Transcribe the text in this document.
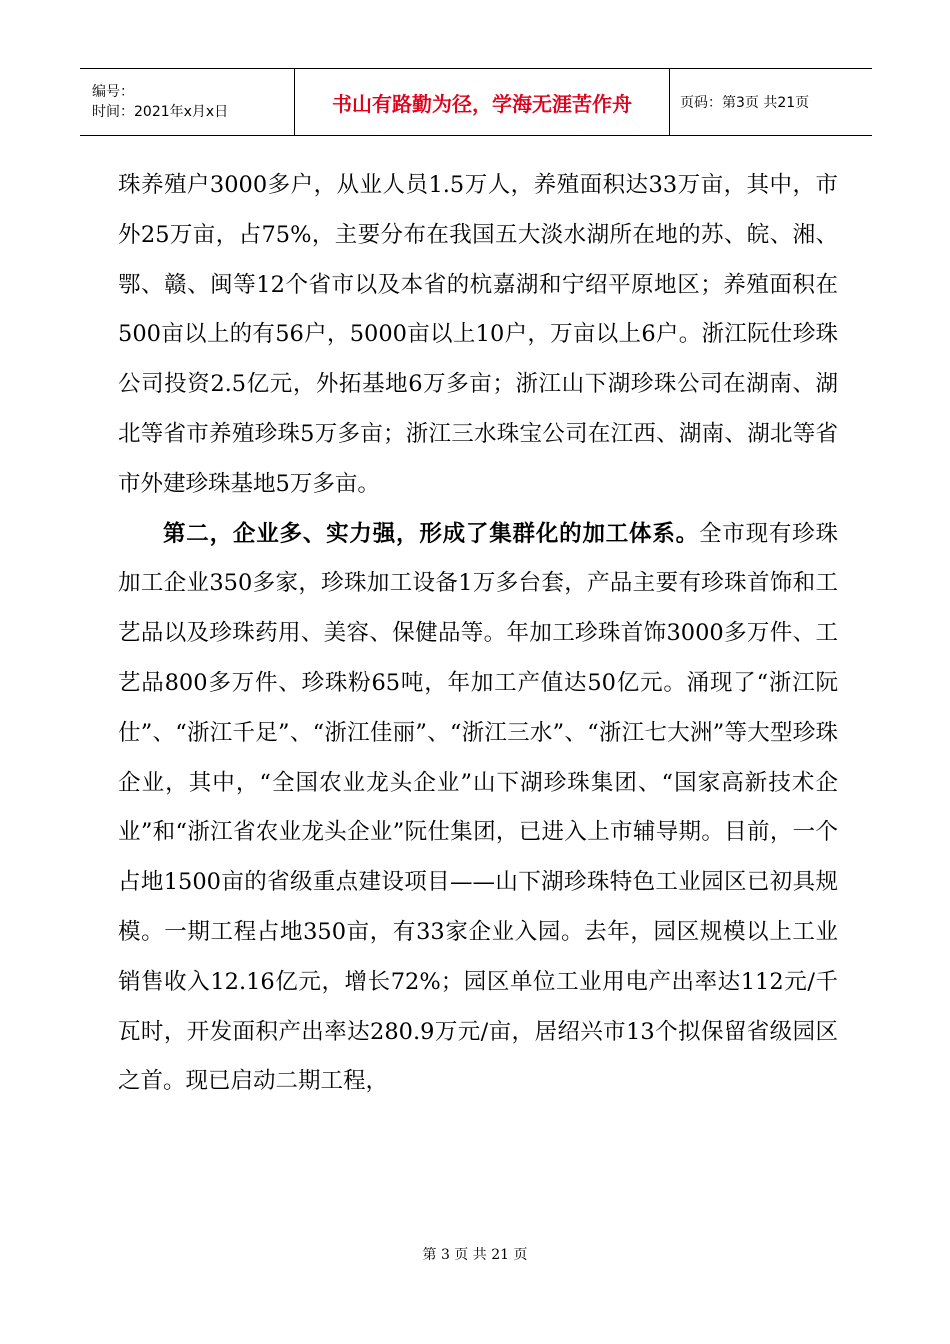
编号：
时间：2021年x月x日	书山有路勤为径，学海无涯苦作舟	页码：第3页 共21页

珠养殖户3000多户，从业人员1.5万人，养殖面积达33万亩，其中，市外25万亩，占75%，主要分布在我国五大淡水湖所在地的苏、皖、湘、鄂、赣、闽等12个省市以及本省的杭嘉湖和宁绍平原地区；养殖面积在500亩以上的有56户，5000亩以上10户，万亩以上6户。浙江阮仕珍珠公司投资2.5亿元，外拓基地6万多亩；浙江山下湖珍珠公司在湖南、湖北等省市养殖珍珠5万多亩；浙江三水珠宝公司在江西、湖南、湖北等省市外建珍珠基地5万多亩。

第二，企业多、实力强，形成了集群化的加工体系。全市现有珍珠加工企业350多家，珍珠加工设备1万多台套，产品主要有珍珠首饰和工艺品以及珍珠药用、美容、保健品等。年加工珍珠首饰3000多万件、工艺品800多万件、珍珠粉65吨，年加工产值达50亿元。涌现了“浙江阮仕”、“浙江千足”、“浙江佳丽”、“浙江三水”、“浙江七大洲”等大型珍珠企业，其中，“全国农业龙头企业”山下湖珍珠集团、“国家高新技术企业”和“浙江省农业龙头企业”阮仕集团，已进入上市辅导期。目前，一个占地1500亩的省级重点建设项目——山下湖珍珠特色工业园区已初具规模。一期工程占地350亩，有33家企业入园。去年，园区规模以上工业销售收入12.16亿元，增长72%；园区单位工业用电产出率达112元/千瓦时，开发面积产出率达280.9万元/亩，居绍兴市13个拟保留省级园区之首。现已启动二期工程，

第 3 页 共 21 页
